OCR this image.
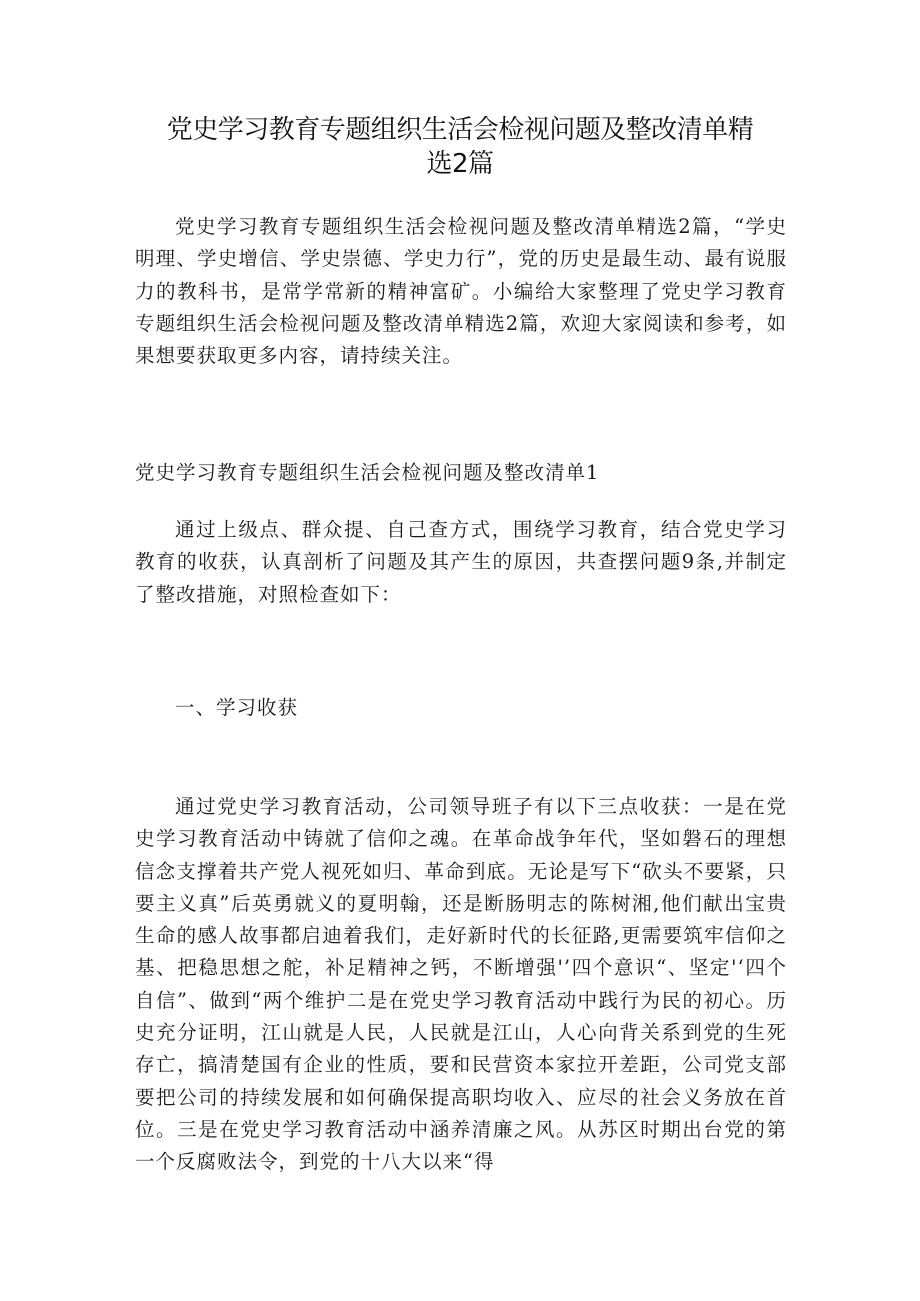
党史学习教育专题组织生活会检视问题及整改清单精
选2篇

党史学习教育专题组织生活会检视问题及整改清单精选2篇，“学史明理、学史增信、学史崇德、学史力行”，党的历史是最生动、最有说服力的教科书，是常学常新的精神富矿。小编给大家整理了党史学习教育专题组织生活会检视问题及整改清单精选2篇，欢迎大家阅读和参考，如果想要获取更多内容，请持续关注。

党史学习教育专题组织生活会检视问题及整改清单1

通过上级点、群众提、自己查方式，围绕学习教育，结合党史学习教育的收获，认真剖析了问题及其产生的原因，共查摆问题9条,并制定了整改措施，对照检查如下：

一、学习收获

通过党史学习教育活动，公司领导班子有以下三点收获：一是在党史学习教育活动中铸就了信仰之魂。在革命战争年代，坚如磐石的理想信念支撑着共产党人视死如归、革命到底。无论是写下“砍头不要紧，只要主义真”后英勇就义的夏明翰，还是断肠明志的陈树湘,他们献出宝贵生命的感人故事都启迪着我们，走好新时代的长征路,更需要筑牢信仰之基、把稳思想之舵，补足精神之钙，不断增强'’四个意识“、坚定'‘四个自信”、做到“两个维护二是在党史学习教育活动中践行为民的初心。历史充分证明，江山就是人民，人民就是江山，人心向背关系到党的生死存亡，搞清楚国有企业的性质，要和民营资本家拉开差距，公司党支部要把公司的持续发展和如何确保提高职均收入、应尽的社会义务放在首位。三是在党史学习教育活动中涵养清廉之风。从苏区时期出台党的第一个反腐败法令，到党的十八大以来“得
